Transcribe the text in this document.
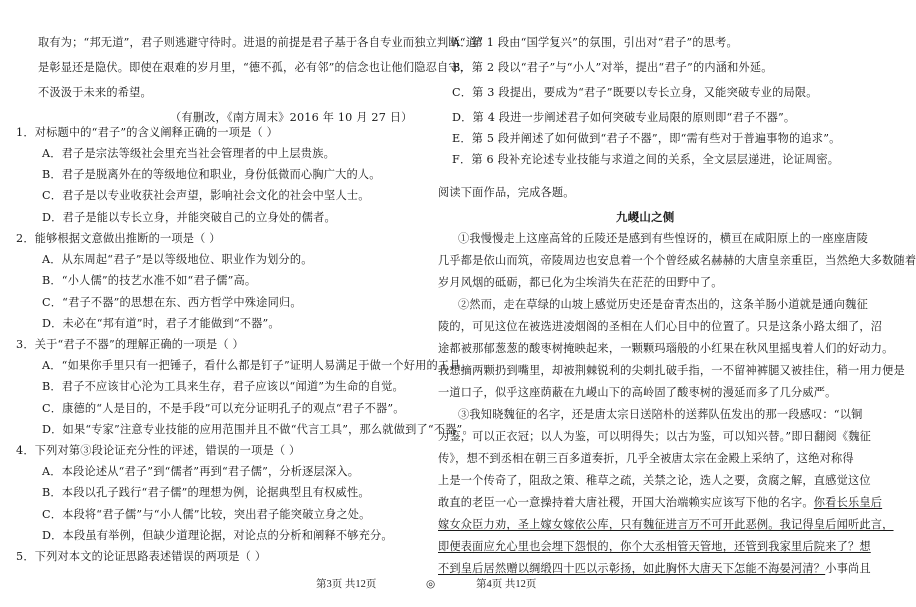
取有为；“邦无道”，君子则逃避守待时。进退的前提是君子基于各自专业而独立判断“道”
是彰显还是隐伏。即使在艰难的岁月里，“德不孤，必有邻”的信念也让他们隐忍自守，
不汲汲于未来的希望。
（有删改，《南方周末》2016 年 10 月 27 日）
1．对标题中的“君子”的含义阐释正确的一项是（ ）
A．君子是宗法等级社会里充当社会管理者的中上层贵族。
B．君子是脱离外在的等级地位和职业，身份低微而心胸广大的人。
C．君子是以专业收获社会声望，影响社会文化的社会中坚人士。
D．君子是能以专长立身，并能突破自己的立身处的儒者。
2．能够根据文意做出推断的一项是（ ）
A．从东周起“君子”是以等级地位、职业作为划分的。
B．“小人儒”的技艺水准不如“君子儒”高。
C．“君子不器”的思想在东、西方哲学中殊途同归。
D．未必在“邦有道”时，君子才能做到“不器”。
3．关于“君子不器”的理解正确的一项是（ ）
A．“如果你手里只有一把锤子，看什么都是钉子”证明人易满足于做一个好用的工具。
B．君子不应该甘心沦为工具来生存，君子应该以“闻道”为生命的自觉。
C．康德的“人是目的，不是手段”可以充分证明孔子的观点“君子不器”。
D．如果“专家”注意专业技能的应用范围并且不做“代言工具”，那么就做到了“不器”。
4．下列对第③段论证充分性的评述，错误的一项是（ ）
A．本段论述从“君子”到“儒者”再到“君子儒”，分析逐层深入。
B．本段以孔子践行“君子儒”的理想为例，论据典型且有权威性。
C．本段将“君子儒”与“小人儒”比较，突出君子能突破立身之处。
D．本段虽有举例，但缺少道理论据，对论点的分析和阐释不够充分。
5．下列对本文的论证思路表述错误的两项是（ ）
A．第 1 段由“国学复兴”的氛围，引出对“君子”的思考。
B．第 2 段以“君子”与“小人”对举，提出“君子”的内涵和外延。
C．第 3 段提出，要成为“君子”既要以专长立身，又能突破专业的局限。
D．第 4 段进一步阐述君子如何突破专业局限的原则即“君子不器”。
E．第 5 段并阐述了如何做到“君子不器”，即“需有些对于普遍事物的追求”。
F．第 6 段补充论述专业技能与求道之间的关系，全文层层递进，论证周密。
阅读下面作品，完成各题。
九嵕山之侧
①我慢慢走上这座高耸的丘陵还是感到有些惶讶的，横亘在咸阳原上的一座座唐陵
几乎都是依山而筑，帝陵周边也安息着一个个曾经威名赫赫的大唐皇亲重臣，当然绝大多数随着
岁月风烟的砥砺，都已化为尘埃消失在茫茫的田野中了。
②然而，走在草绿的山坡上感觉历史还是奋青杰出的，这条羊肠小道就是通向魏征
陵的，可见这位在被选进凌烟阁的圣相在人们心目中的位置了。只是这条小路太细了，沼
途都被那郁葱葱的酸枣树掩映起来，一颗颗玛瑙般的小红果在秋风里摇曳着人们的好动力。
我想摘两颗扔到嘴里，却被荆棘锐利的尖刺扎破手指，一不留神裤腿又被挂住，稍一用力便是
一道口子，似乎这座荫蔽在九嵕山下的高岭固了酸枣树的漫延而多了几分威严。
③我知晓魏征的名字，还是唐太宗日送陪朴的送葬队伍发出的那一段感叹：“以铜
为鉴，可以正衣冠；以人为鉴，可以明得失；以古为鉴，可以知兴替。”即日翻阅《魏征
传》，想不到丞相在朝三百多道奏折，几乎全被唐太宗在金殿上采纳了，这绝对称得
上是一个传奇了，阻敌之策、稚草之疏，关禁之论，选人之要，贪腐之解，直感觉这位
敢直的老臣一心一意操持着大唐社稷，开国大治端赖实应该写下他的名字。你看长乐皇后
嫁女众臣力劝，圣上嫁女嫁依公库，只有魏征进言万不可开此恶例。我记得皇后闻听此言，
即便表面应允心里也会埋下怨恨的，你个大丞相管天管地，还管到我家里后院来了？想
不到皇后居然赠以绸缎四十匹以示彰扬，如此胸怀大唐天下怎能不海晏河清？小事尚且
第3页 共12页	◎	第4页 共12页
